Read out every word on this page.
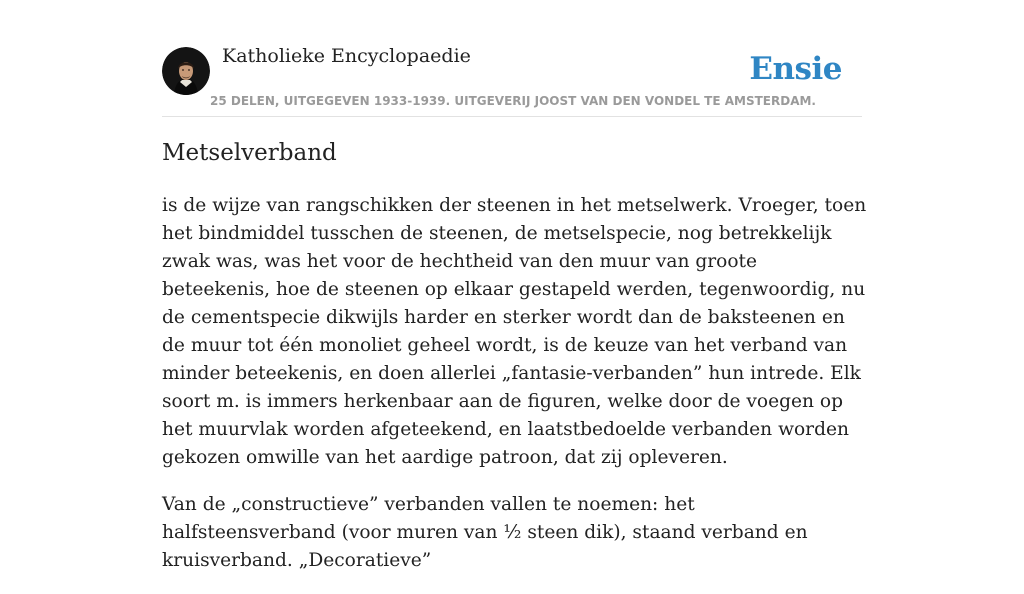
Katholieke Encyclopaedie	Ensie
25 DELEN, UITGEGEVEN 1933-1939. UITGEVERIJ JOOST VAN DEN VONDEL TE AMSTERDAM.
Metselverband

is de wijze van rangschikken der steenen in het metselwerk. Vroeger, toen het bindmiddel tusschen de steenen, de metselspecie, nog betrekkelijk zwak was, was het voor de hechtheid van den muur van groote beteekenis, hoe de steenen op elkaar gestapeld werden, tegenwoordig, nu de cementspecie dikwijls harder en sterker wordt dan de baksteenen en de muur tot één monoliet geheel wordt, is de keuze van het verband van minder beteekenis, en doen allerlei „fantasie-verbanden” hun intrede. Elk soort m. is immers herkenbaar aan de figuren, welke door de voegen op het muurvlak worden afgeteekend, en laatstbedoelde verbanden worden gekozen omwille van het aardige patroon, dat zij opleveren.

Van de „constructieve” verbanden vallen te noemen: het halfsteensverband (voor muren van ½ steen dik), staand verband en kruisverband. „Decoratieve”
